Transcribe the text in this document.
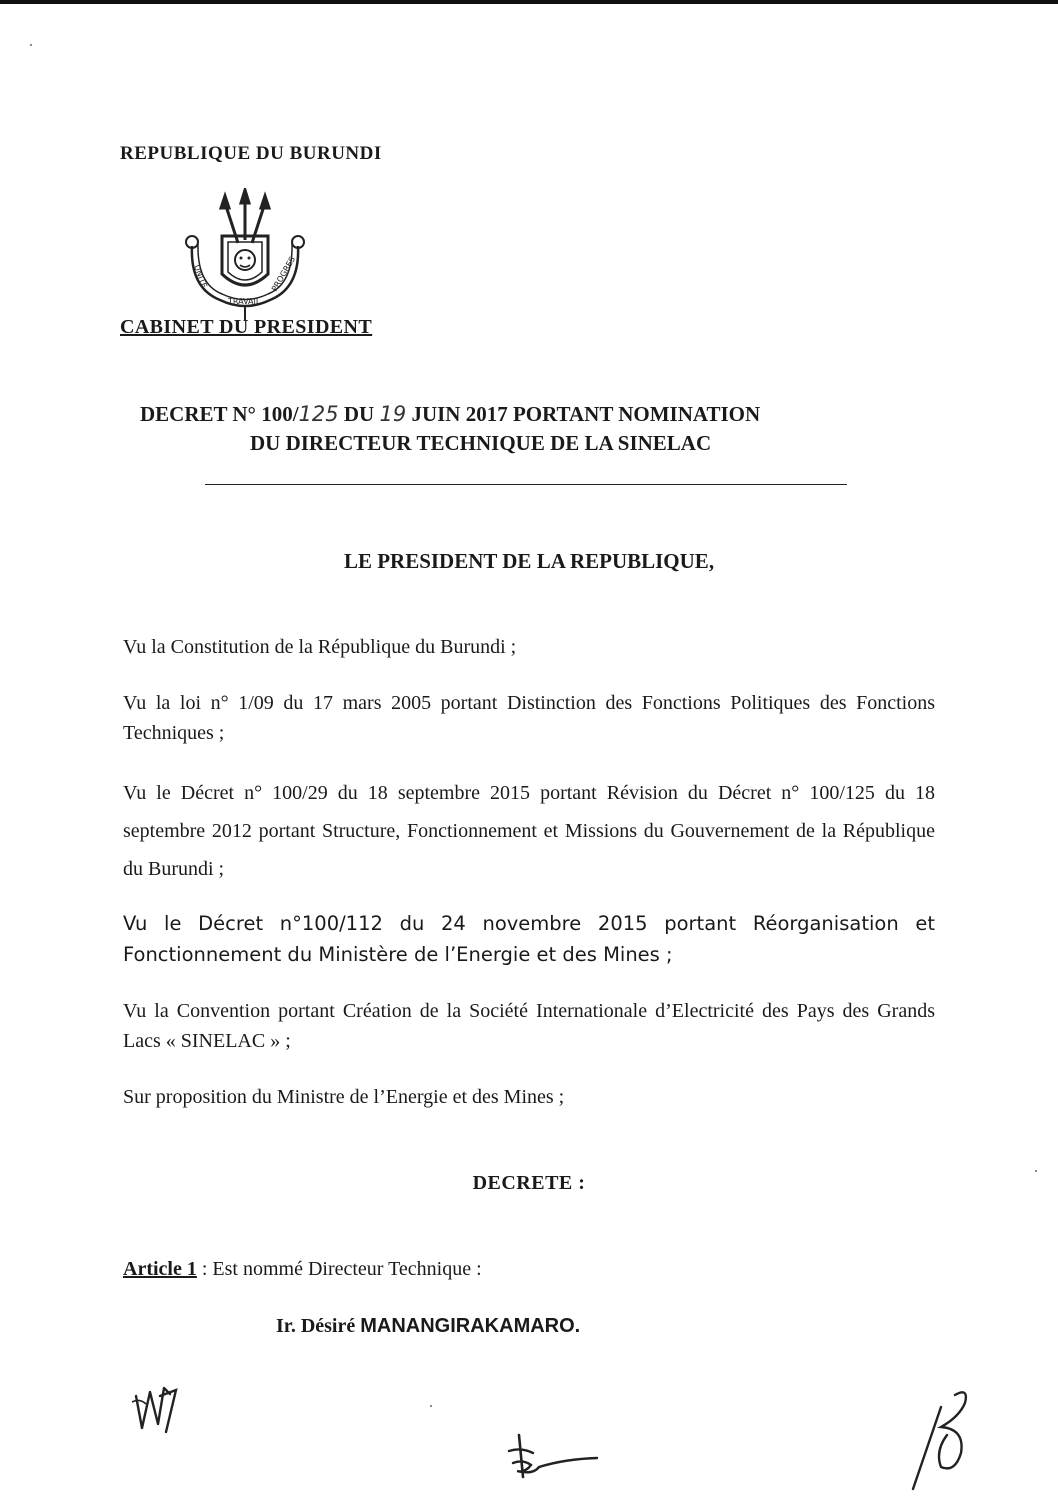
REPUBLIQUE DU BURUNDI
UNITE
TRAVAIL
PROGRES
CABINET DU PRESIDENT
DECRET N° 100/125 DU 19 JUIN 2017 PORTANT NOMINATION
DU DIRECTEUR TECHNIQUE DE LA SINELAC
LE PRESIDENT DE LA REPUBLIQUE,
Vu la Constitution de la République du Burundi ;
Vu la loi n° 1/09 du 17 mars 2005 portant Distinction des Fonctions Politiques des Fonctions Techniques ;
Vu le Décret n° 100/29 du 18 septembre 2015 portant Révision du Décret n° 100/125 du 18 septembre 2012 portant Structure, Fonctionnement et Missions du Gouvernement de la République du Burundi ;
Vu le Décret n°100/112 du 24 novembre 2015 portant Réorganisation et Fonctionnement du Ministère de l’Energie et des Mines ;
Vu la Convention portant Création de la Société Internationale d’Electricité des Pays des Grands Lacs « SINELAC » ;
Sur proposition du Ministre de l’Energie et des Mines ;
DECRETE :
Article 1 : Est nommé Directeur Technique :
Ir. Désiré MANANGIRAKAMARO.
